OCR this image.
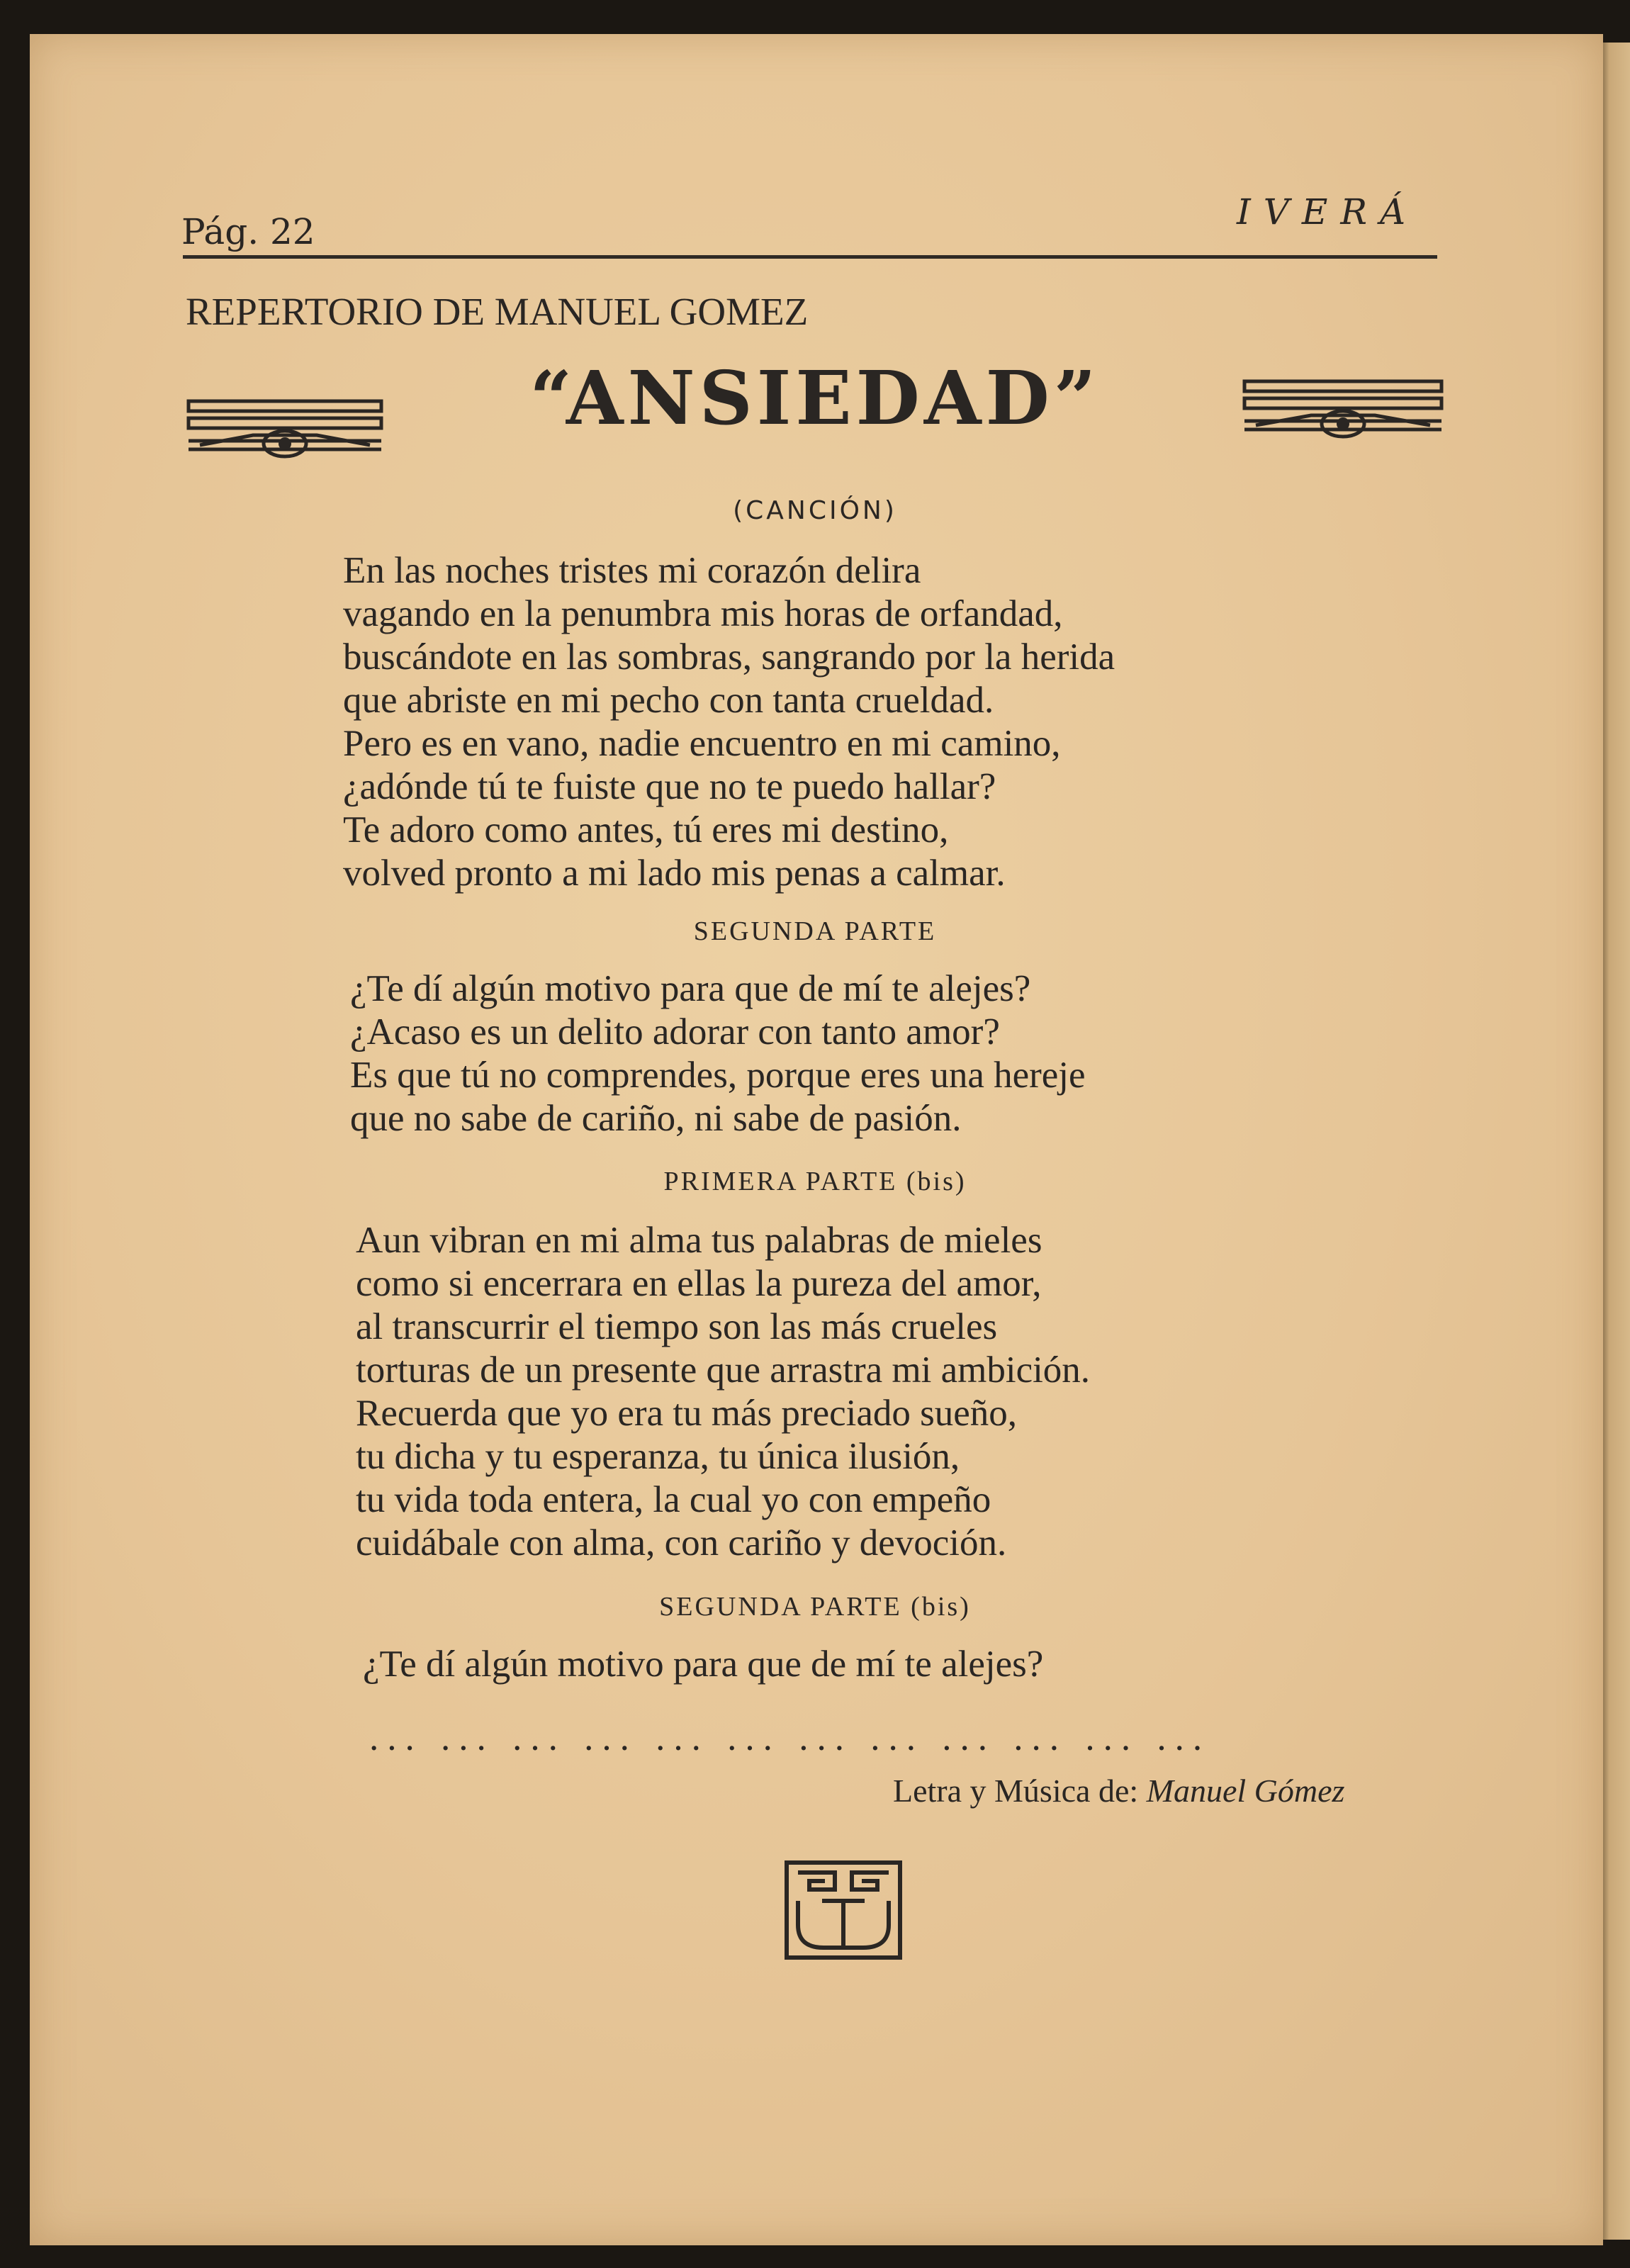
Pág. 22	IVERÁ
REPERTORIO DE MANUEL GOMEZ
“ANSIEDAD”
(CANCIÓN)

En las noches tristes mi corazón delira

vagando en la penumbra mis horas de orfandad,

buscándote en las sombras, sangrando por la herida

que abriste en mi pecho con tanta crueldad.

Pero es en vano, nadie encuentro en mi camino,

¿adónde tú te fuiste que no te puedo hallar?

Te adoro como antes, tú eres mi destino,

volved pronto a mi lado mis penas a calmar.

SEGUNDA PARTE

¿Te dí algún motivo para que de mí te alejes?

¿Acaso es un delito adorar con tanto amor?

Es que tú no comprendes, porque eres una hereje

que no sabe de cariño, ni sabe de pasión.

PRIMERA PARTE (bis)

Aun vibran en mi alma tus palabras de mieles

como si encerrara en ellas la pureza del amor,

al transcurrir el tiempo son las más crueles

torturas de un presente que arrastra mi ambición.

Recuerda que yo era tu más preciado sueño,

tu dicha y tu esperanza, tu única ilusión,

tu vida toda entera, la cual yo con empeño

cuidábale con alma, con cariño y devoción.

SEGUNDA PARTE (bis)

¿Te dí algún motivo para que de mí te alejes?

... ... ... ... ... ... ... ... ... ... ... ...
Letra y Música de: Manuel Gómez
